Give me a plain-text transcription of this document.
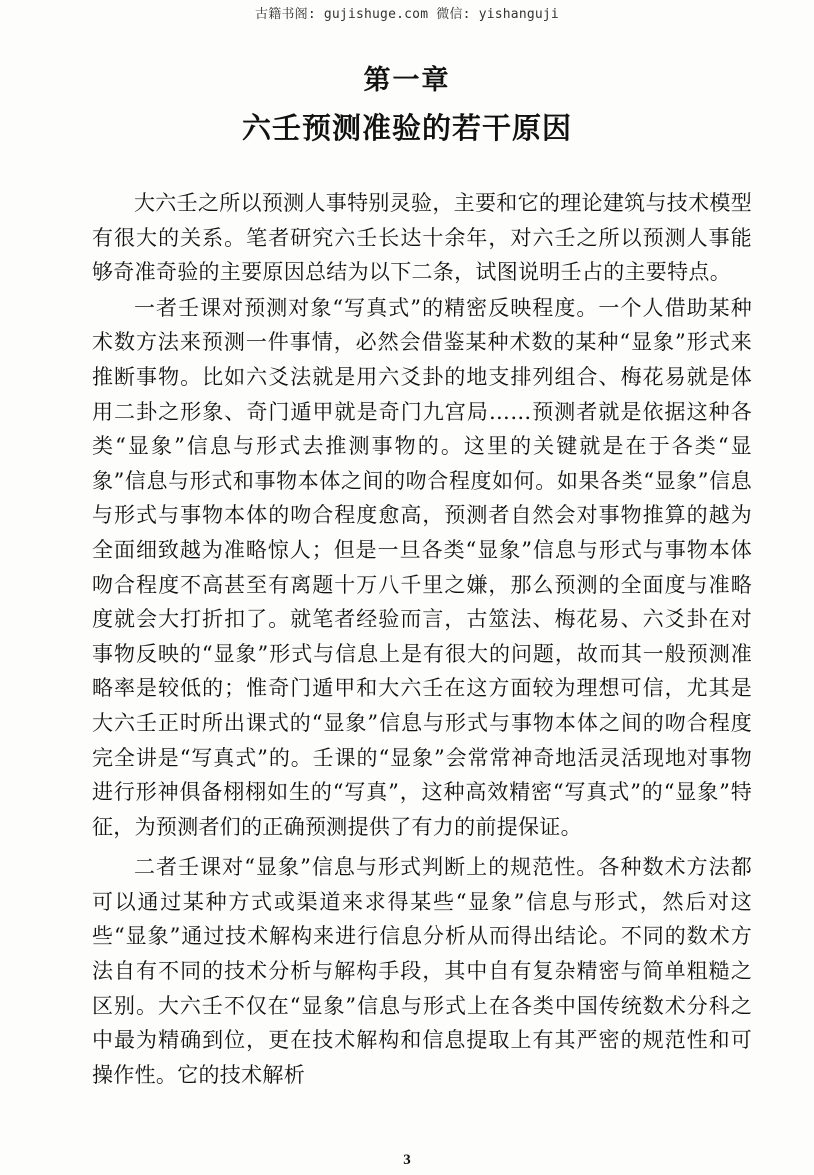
古籍书阁: gujishuge.com 微信: yishanguji
第一章
六壬预测准验的若干原因

大六壬之所以预测人事特别灵验，主要和它的理论建筑与技术模型有很大的关系。笔者研究六壬长达十余年，对六壬之所以预测人事能够奇准奇验的主要原因总结为以下二条，试图说明壬占的主要特点。

一者壬课对预测对象“写真式”的精密反映程度。一个人借助某种术数方法来预测一件事情，必然会借鉴某种术数的某种“显象”形式来推断事物。比如六爻法就是用六爻卦的地支排列组合、梅花易就是体用二卦之形象、奇门遁甲就是奇门九宫局……预测者就是依据这种各类“显象”信息与形式去推测事物的。这里的关键就是在于各类“显象”信息与形式和事物本体之间的吻合程度如何。如果各类“显象”信息与形式与事物本体的吻合程度愈高，预测者自然会对事物推算的越为全面细致越为准略惊人；但是一旦各类“显象”信息与形式与事物本体吻合程度不高甚至有离题十万八千里之嫌，那么预测的全面度与准略度就会大打折扣了。就笔者经验而言，古筮法、梅花易、六爻卦在对事物反映的“显象”形式与信息上是有很大的问题，故而其一般预测准略率是较低的；惟奇门遁甲和大六壬在这方面较为理想可信，尤其是大六壬正时所出课式的“显象”信息与形式与事物本体之间的吻合程度完全讲是“写真式”的。壬课的“显象”会常常神奇地活灵活现地对事物进行形神俱备栩栩如生的“写真”，这种高效精密“写真式”的“显象”特征，为预测者们的正确预测提供了有力的前提保证。

二者壬课对“显象”信息与形式判断上的规范性。各种数术方法都可以通过某种方式或渠道来求得某些“显象”信息与形式，然后对这些“显象”通过技术解构来进行信息分析从而得出结论。不同的数术方法自有不同的技术分析与解构手段，其中自有复杂精密与简单粗糙之区别。大六壬不仅在“显象”信息与形式上在各类中国传统数术分科之中最为精确到位，更在技术解构和信息提取上有其严密的规范性和可操作性。它的技术解析

3
